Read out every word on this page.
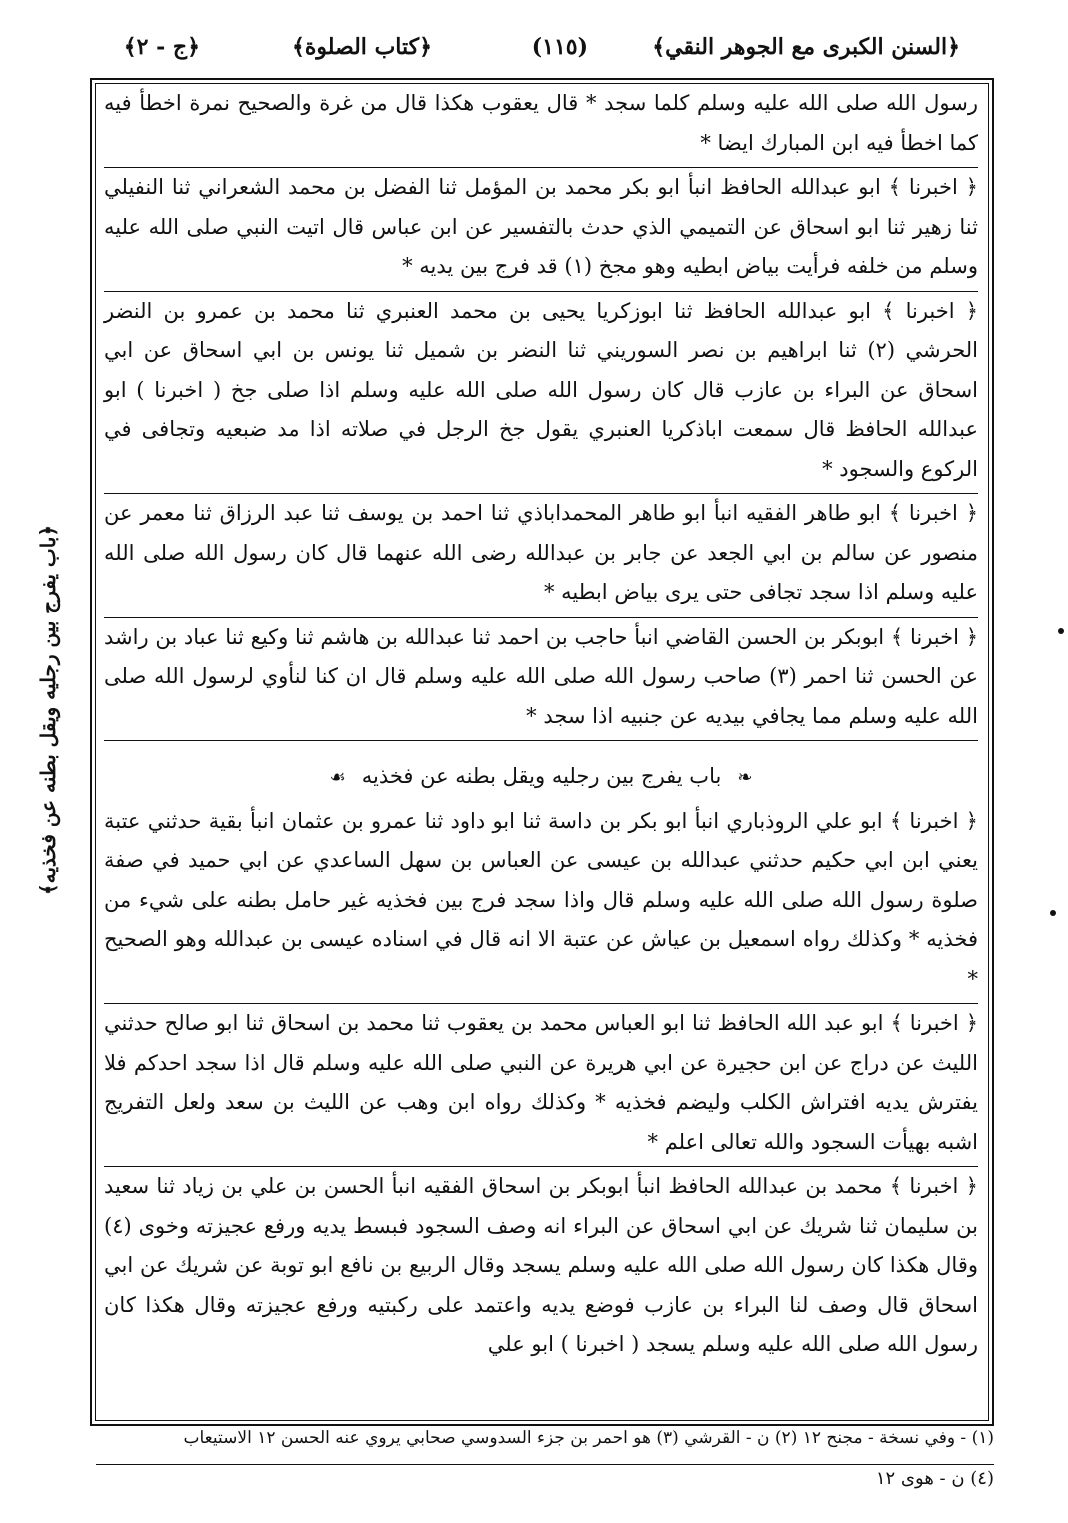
﴿السنن الكبرى مع الجوهر النقي﴾
(١١٥)
﴿كتاب الصلوة﴾
﴿ج - ٢﴾
﴿باب يفرج بين رجليه ويقل بطنه عن فخذيه﴾

رسول الله صلى الله عليه وسلم كلما سجد * قال يعقوب هكذا قال من غرة والصحيح نمرة اخطأ فيه كما اخطأ فيه ابن المبارك ايضا *

﴿ اخبرنا ﴾ ابو عبدالله الحافظ انبأ ابو بكر محمد بن المؤمل ثنا الفضل بن محمد الشعراني ثنا النفيلي ثنا زهير ثنا ابو اسحاق عن التميمي الذي حدث بالتفسير عن ابن عباس قال اتيت النبي صلى الله عليه وسلم من خلفه فرأيت بياض ابطيه وهو مجخ (١) قد فرج بين يديه *

﴿ اخبرنا ﴾ ابو عبدالله الحافظ ثنا ابوزكريا يحيى بن محمد العنبري ثنا محمد بن عمرو بن النضر الحرشي (٢) ثنا ابراهيم بن نصر السوريني ثنا النضر بن شميل ثنا يونس بن ابي اسحاق عن ابي اسحاق عن البراء بن عازب قال كان رسول الله صلى الله عليه وسلم اذا صلى جخ ( اخبرنا ) ابو عبدالله الحافظ قال سمعت اباذكريا العنبري يقول جخ الرجل في صلاته اذا مد ضبعيه وتجافى في الركوع والسجود *

﴿ اخبرنا ﴾ ابو طاهر الفقيه انبأ ابو طاهر المحمداباذي ثنا احمد بن يوسف ثنا عبد الرزاق ثنا معمر عن منصور عن سالم بن ابي الجعد عن جابر بن عبدالله رضى الله عنهما قال كان رسول الله صلى الله عليه وسلم اذا سجد تجافى حتى يرى بياض ابطيه *

﴿ اخبرنا ﴾ ابوبكر بن الحسن القاضي انبأ حاجب بن احمد ثنا عبدالله بن هاشم ثنا وكيع ثنا عباد بن راشد عن الحسن ثنا احمر (٣) صاحب رسول الله صلى الله عليه وسلم قال ان كنا لنأوي لرسول الله صلى الله عليه وسلم مما يجافي بيديه عن جنبيه اذا سجد *

❧باب يفرج بين رجليه ويقل بطنه عن فخذيه☙

﴿ اخبرنا ﴾ ابو علي الروذباري انبأ ابو بكر بن داسة ثنا ابو داود ثنا عمرو بن عثمان انبأ بقية حدثني عتبة يعني ابن ابي حكيم حدثني عبدالله بن عيسى عن العباس بن سهل الساعدي عن ابي حميد في صفة صلوة رسول الله صلى الله عليه وسلم قال واذا سجد فرج بين فخذيه غير حامل بطنه على شيء من فخذيه * وكذلك رواه اسمعيل بن عياش عن عتبة الا انه قال في اسناده عيسى بن عبدالله وهو الصحيح *

﴿ اخبرنا ﴾ ابو عبد الله الحافظ ثنا ابو العباس محمد بن يعقوب ثنا محمد بن اسحاق ثنا ابو صالح حدثني الليث عن دراج عن ابن حجيرة عن ابي هريرة عن النبي صلى الله عليه وسلم قال اذا سجد احدكم فلا يفترش يديه افتراش الكلب وليضم فخذيه * وكذلك رواه ابن وهب عن الليث بن سعد ولعل التفريج اشبه بهيأت السجود والله تعالى اعلم *

﴿ اخبرنا ﴾ محمد بن عبدالله الحافظ انبأ ابوبكر بن اسحاق الفقيه انبأ الحسن بن علي بن زياد ثنا سعيد بن سليمان ثنا شريك عن ابي اسحاق عن البراء انه وصف السجود فبسط يديه ورفع عجيزته وخوى (٤) وقال هكذا كان رسول الله صلى الله عليه وسلم يسجد وقال الربيع بن نافع ابو توبة عن شريك عن ابي اسحاق قال وصف لنا البراء بن عازب فوضع يديه واعتمد على ركبتيه ورفع عجيزته وقال هكذا كان رسول الله صلى الله عليه وسلم يسجد ( اخبرنا ) ابو علي

(١) - وفي نسخة - مجنح ١٢ (٢) ن - القرشي (٣) هو احمر بن جزء السدوسي صحابي يروي عنه الحسن ١٢ الاستيعاب
(٤) ن - هوى ١٢
